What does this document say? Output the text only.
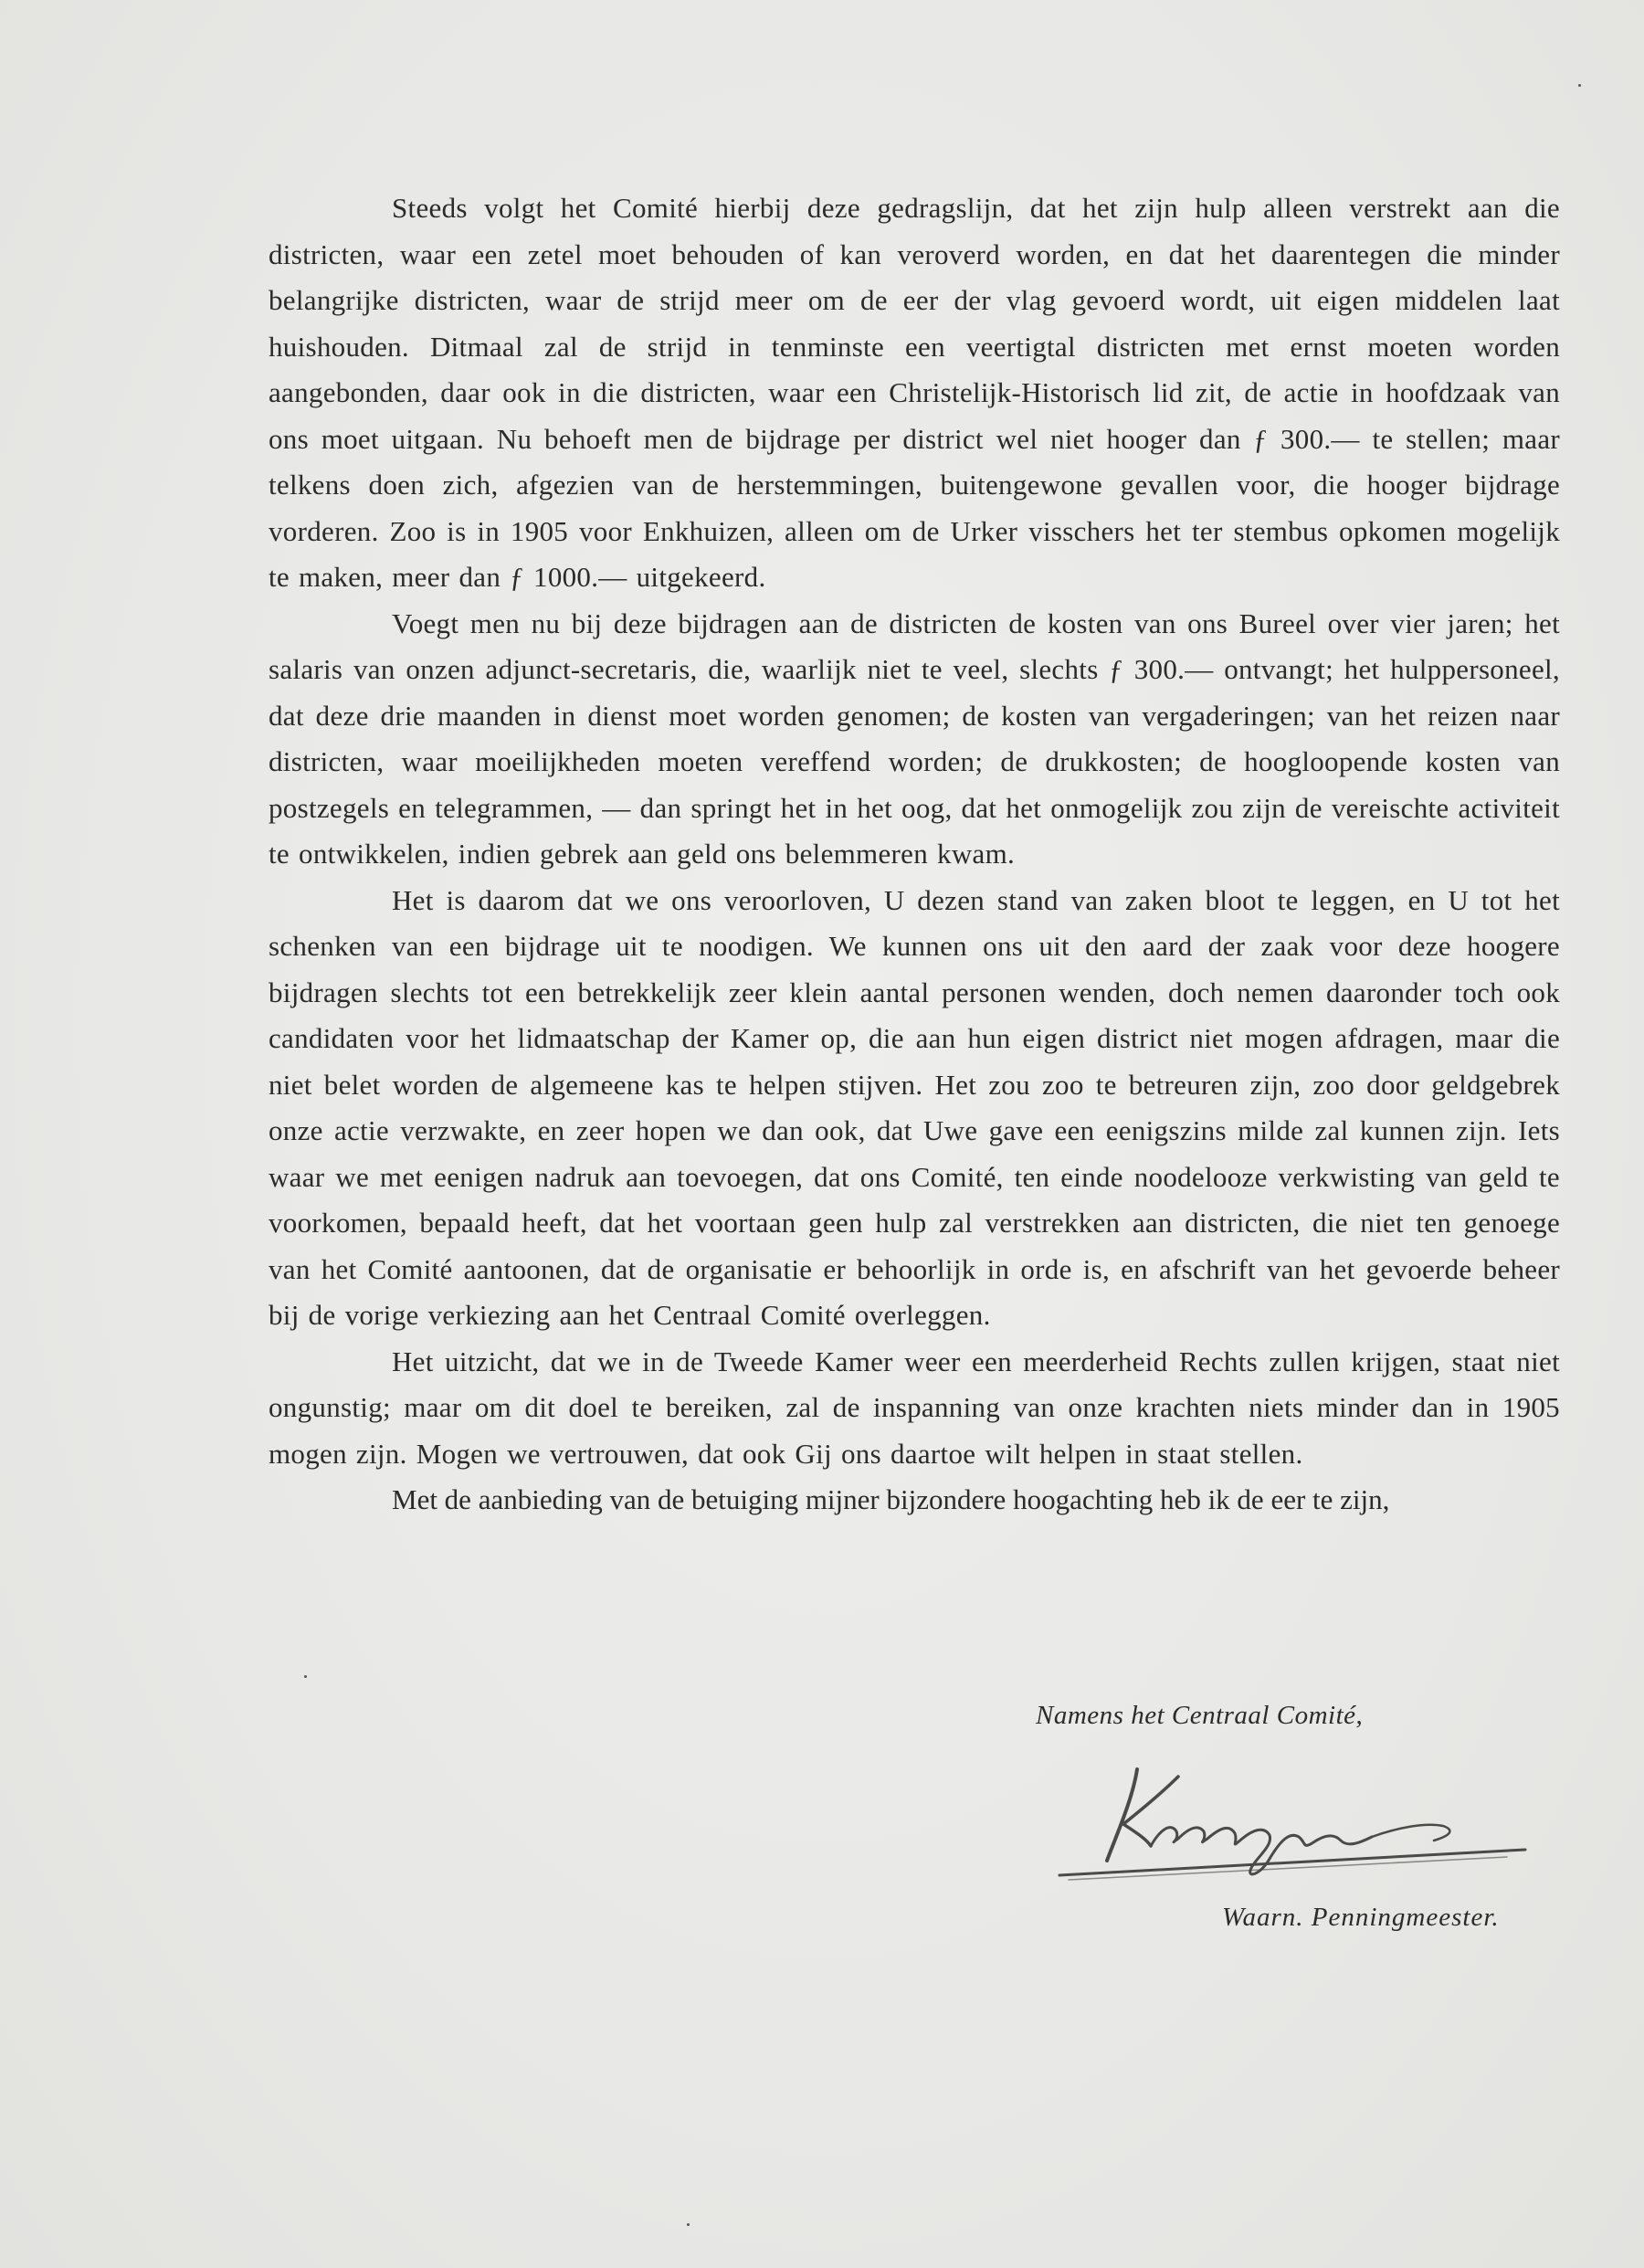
Steeds volgt het Comité hierbij deze gedragslijn, dat het zijn hulp alleen verstrekt aan die districten, waar een zetel moet behouden of kan veroverd worden, en dat het daarentegen die minder belangrijke districten, waar de strijd meer om de eer der vlag gevoerd wordt, uit eigen middelen laat huishouden. Ditmaal zal de strijd in tenminste een veertigtal districten met ernst moeten worden aangebonden, daar ook in die districten, waar een Christelijk-Historisch lid zit, de actie in hoofdzaak van ons moet uitgaan. Nu behoeft men de bijdrage per district wel niet hooger dan ƒ 300.— te stellen; maar telkens doen zich, afgezien van de herstemmingen, buitengewone gevallen voor, die hooger bijdrage vorderen. Zoo is in 1905 voor Enkhuizen, alleen om de Urker visschers het ter stembus opkomen mogelijk te maken, meer dan ƒ 1000.— uitgekeerd.

Voegt men nu bij deze bijdragen aan de districten de kosten van ons Bureel over vier jaren; het salaris van onzen adjunct-secretaris, die, waarlijk niet te veel, slechts ƒ 300.— ontvangt; het hulppersoneel, dat deze drie maanden in dienst moet worden genomen; de kosten van vergaderingen; van het reizen naar districten, waar moeilijkheden moeten vereffend worden; de drukkosten; de hoogloopende kosten van postzegels en telegrammen, — dan springt het in het oog, dat het onmogelijk zou zijn de vereischte activiteit te ontwikkelen, indien gebrek aan geld ons belemmeren kwam.

Het is daarom dat we ons veroorloven, U dezen stand van zaken bloot te leggen, en U tot het schenken van een bijdrage uit te noodigen. We kunnen ons uit den aard der zaak voor deze hoogere bijdragen slechts tot een betrekkelijk zeer klein aantal personen wenden, doch nemen daaronder toch ook candidaten voor het lidmaatschap der Kamer op, die aan hun eigen district niet mogen afdragen, maar die niet belet worden de algemeene kas te helpen stijven. Het zou zoo te betreuren zijn, zoo door geldgebrek onze actie verzwakte, en zeer hopen we dan ook, dat Uwe gave een eenigszins milde zal kunnen zijn. Iets waar we met eenigen nadruk aan toevoegen, dat ons Comité, ten einde noodelooze verkwisting van geld te voorkomen, bepaald heeft, dat het voortaan geen hulp zal verstrekken aan districten, die niet ten genoege van het Comité aantoonen, dat de organisatie er behoorlijk in orde is, en afschrift van het gevoerde beheer bij de vorige verkiezing aan het Centraal Comité overleggen.

Het uitzicht, dat we in de Tweede Kamer weer een meerderheid Rechts zullen krijgen, staat niet ongunstig; maar om dit doel te bereiken, zal de inspanning van onze krachten niets minder dan in 1905 mogen zijn. Mogen we vertrouwen, dat ook Gij ons daartoe wilt helpen in staat stellen.

Met de aanbieding van de betuiging mijner bijzondere hoogachting heb ik de eer te zijn,

Namens het Centraal Comité,
Waarn. Penningmeester.
